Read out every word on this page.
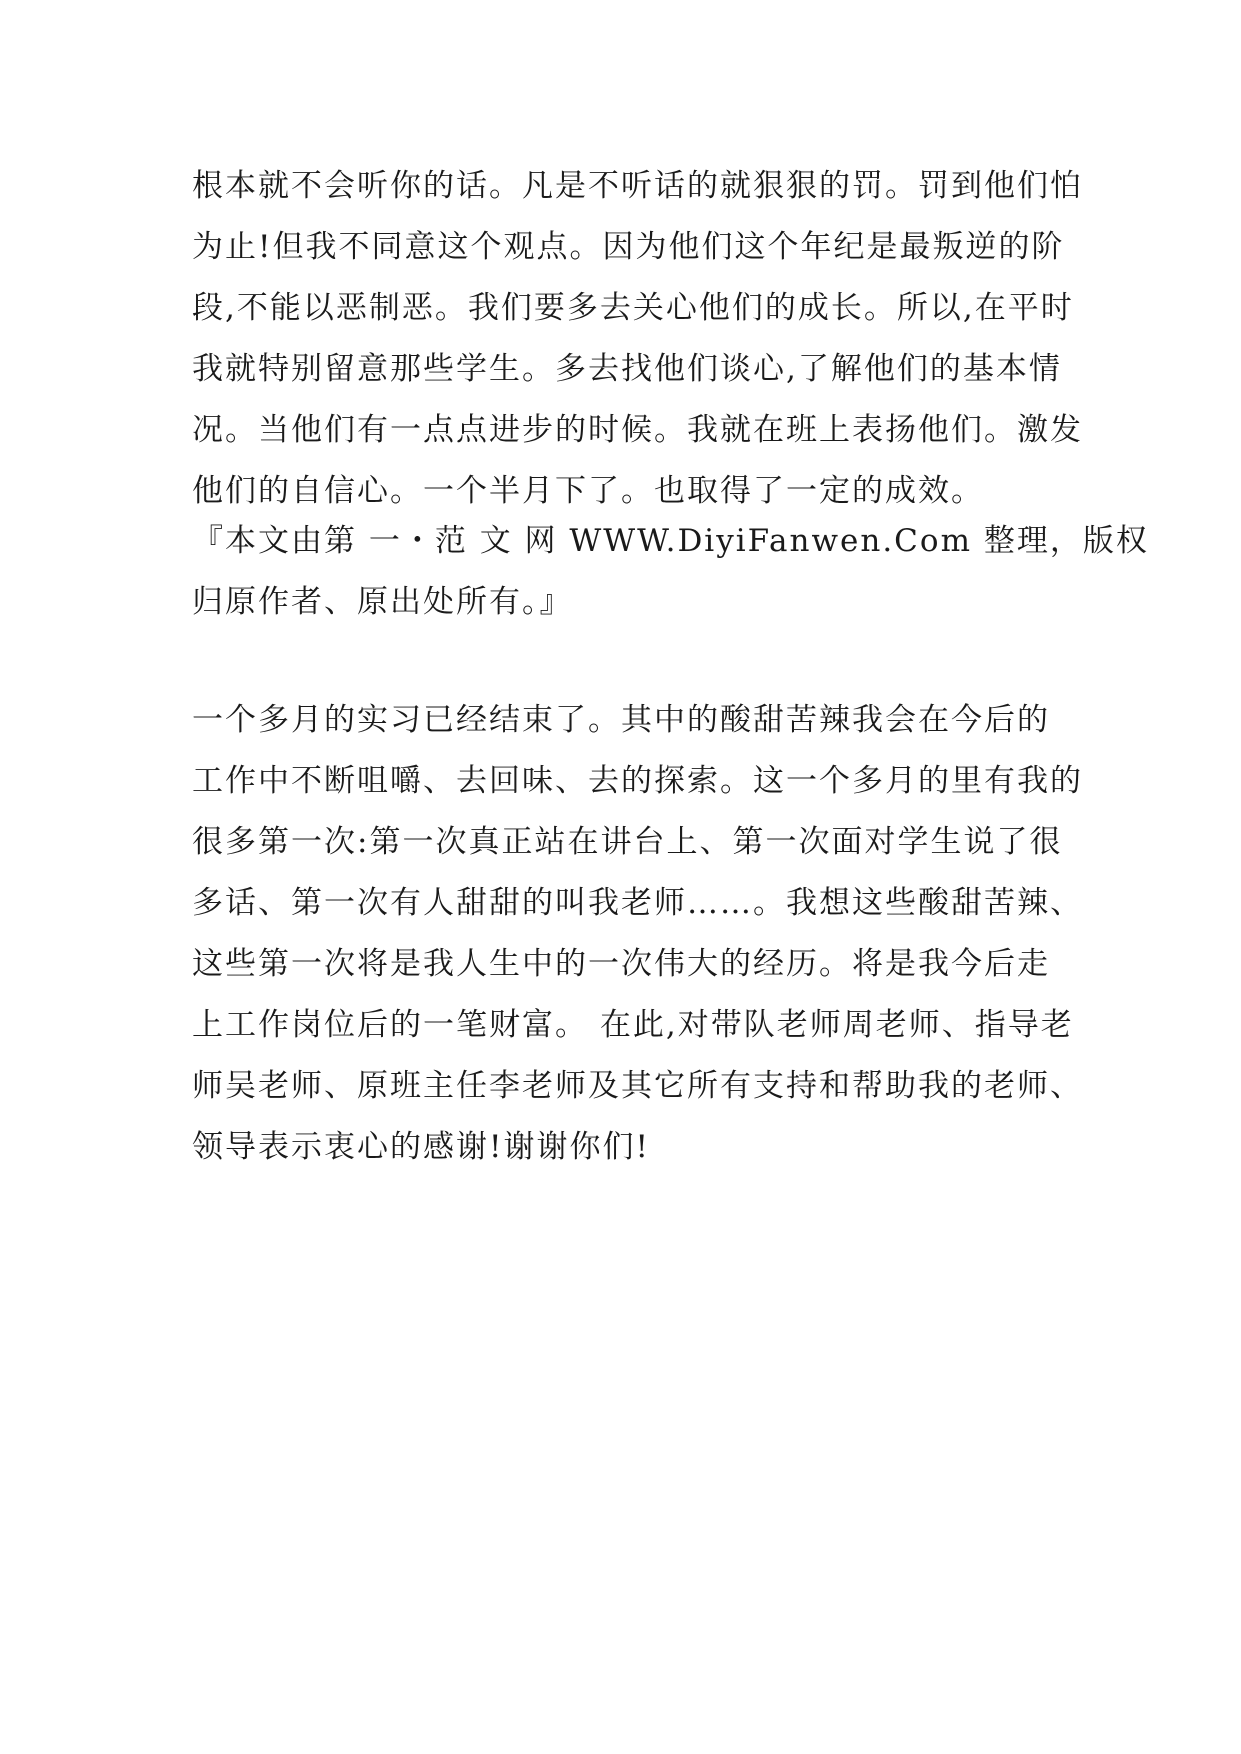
根本就不会听你的话。凡是不听话的就狠狠的罚。罚到他们怕
为止!但我不同意这个观点。因为他们这个年纪是最叛逆的阶
段,不能以恶制恶。我们要多去关心他们的成长。所以,在平时
我就特别留意那些学生。多去找他们谈心,了解他们的基本情
况。当他们有一点点进步的时候。我就在班上表扬他们。激发
他们的自信心。一个半月下了。也取得了一定的成效。
『本文由第 一・范 文 网 WWW.DiyiFanwen.Com 整理，版权
归原作者、原出处所有。』
一个多月的实习已经结束了。其中的酸甜苦辣我会在今后的
工作中不断咀嚼、去回味、去的探索。这一个多月的里有我的
很多第一次:第一次真正站在讲台上、第一次面对学生说了很
多话、第一次有人甜甜的叫我老师……。我想这些酸甜苦辣、
这些第一次将是我人生中的一次伟大的经历。将是我今后走
上工作岗位后的一笔财富。 在此,对带队老师周老师、指导老
师吴老师、原班主任李老师及其它所有支持和帮助我的老师、
领导表示衷心的感谢!谢谢你们!
